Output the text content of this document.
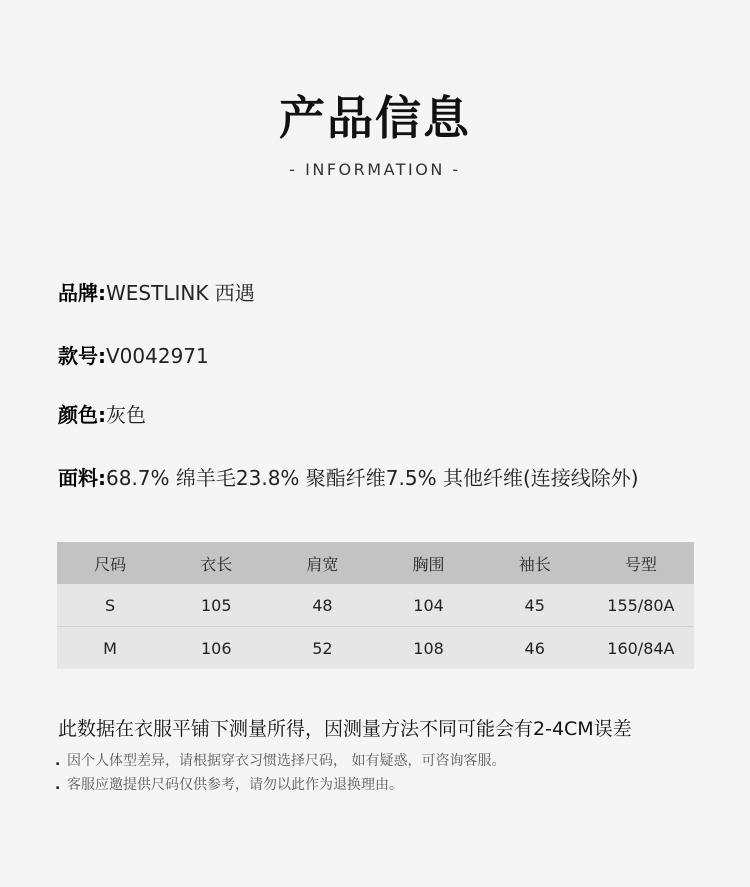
产品信息
- INFORMATION -
品牌:WESTLINK 西遇
款号:V0042971
颜色:灰色
面料:68.7% 绵羊毛23.8% 聚酯纤维7.5% 其他纤维(连接线除外)
尺码	衣长	肩宽	胸围	袖长	号型
S	105	48	104	45	155/80A
M	106	52	108	46	160/84A
此数据在衣服平铺下测量所得，因测量方法不同可能会有2-4CM误差
. 因个人体型差异，请根据穿衣习惯选择尺码， 如有疑惑，可咨询客服。
. 客服应邀提供尺码仅供参考，请勿以此作为退换理由。
